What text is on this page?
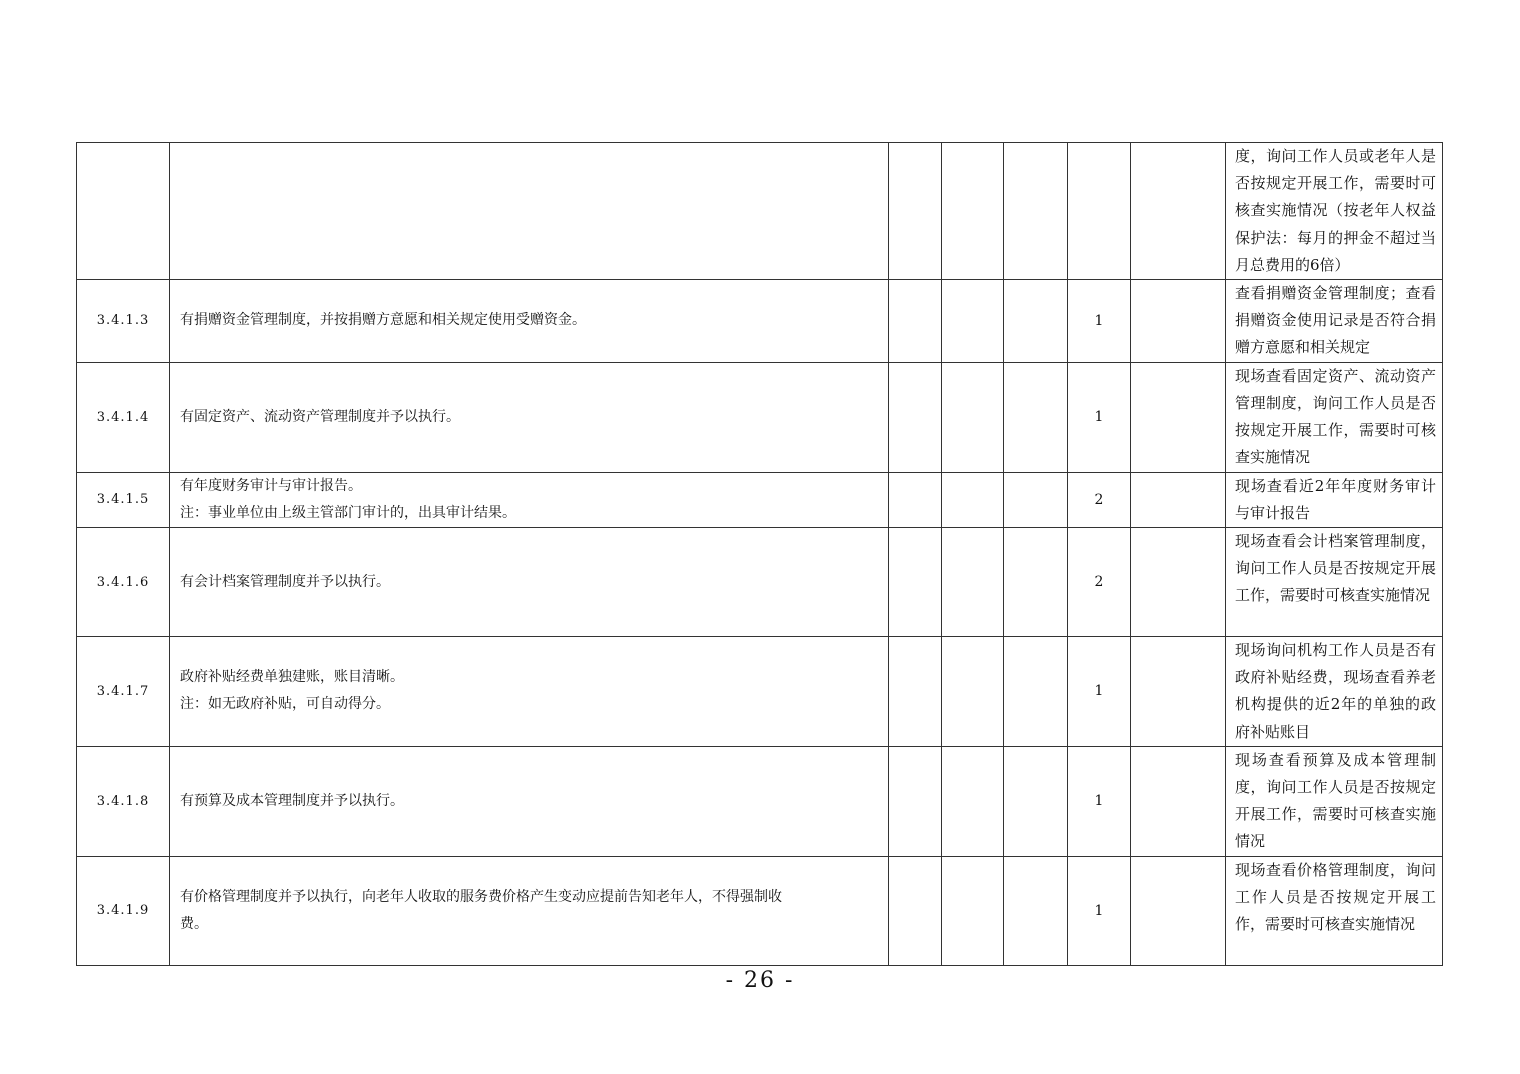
							度，询问工作人员或老年人是否按规定开展工作，需要时可核查实施情况（按老年人权益保护法：每月的押金不超过当月总费用的6倍）
3.4.1.3	有捐赠资金管理制度，并按捐赠方意愿和相关规定使用受赠资金。				1		查看捐赠资金管理制度；查看捐赠资金使用记录是否符合捐赠方意愿和相关规定
3.4.1.4	有固定资产、流动资产管理制度并予以执行。				1		现场查看固定资产、流动资产管理制度，询问工作人员是否按规定开展工作，需要时可核查实施情况
3.4.1.5	有年度财务审计与审计报告。
注：事业单位由上级主管部门审计的，出具审计结果。				2		现场查看近2年年度财务审计与审计报告
3.4.1.6	有会计档案管理制度并予以执行。				2		现场查看会计档案管理制度，询问工作人员是否按规定开展工作，需要时可核查实施情况
3.4.1.7	政府补贴经费单独建账，账目清晰。
注：如无政府补贴，可自动得分。				1		现场询问机构工作人员是否有政府补贴经费，现场查看养老机构提供的近2年的单独的政府补贴账目
3.4.1.8	有预算及成本管理制度并予以执行。				1		现场查看预算及成本管理制度，询问工作人员是否按规定开展工作，需要时可核查实施情况
3.4.1.9	有价格管理制度并予以执行，向老年人收取的服务费价格产生变动应提前告知老年人，不得强制收
费。				1		现场查看价格管理制度，询问工作人员是否按规定开展工作，需要时可核查实施情况
- 26 -
